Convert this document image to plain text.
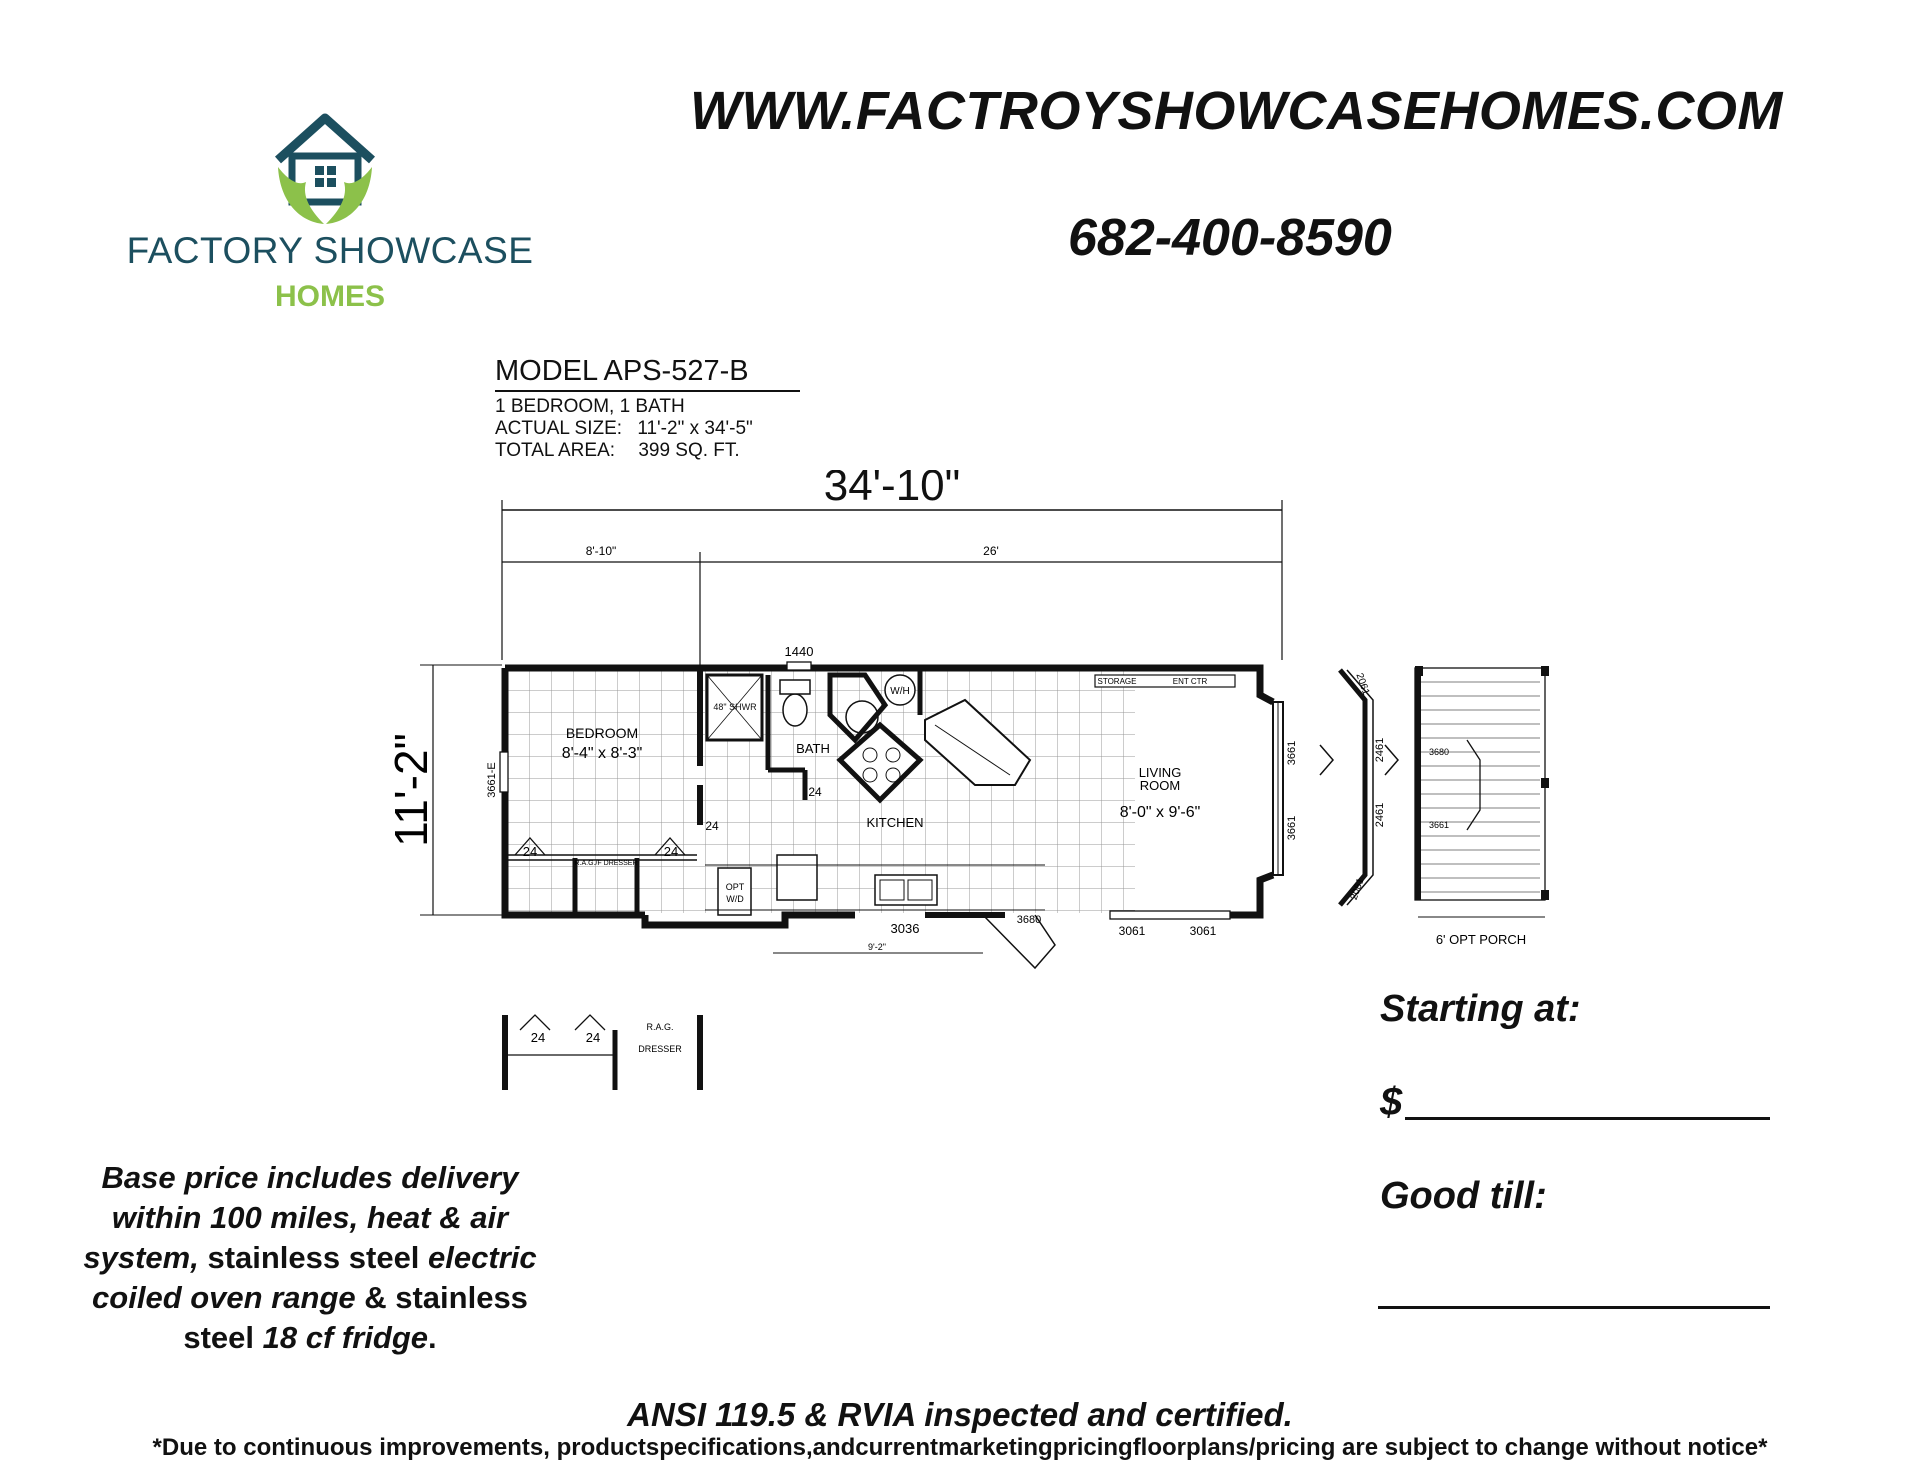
WWW.FACTROYSHOWCASEHOMES.COM
682-400-8590
FACTORY SHOWCASE
HOMES
MODEL APS-527-B
1 BEDROOM, 1 BATH
ACTUAL SIZE: 11'-2" x 34'-5"
TOTAL AREA: 399 SQ. FT.
34'-10"
8'-10"	26'
11'-2"
24	24
R.A.G./F DRESSER
BEDROOM
8'-4" x 8'-3"
3661-E
48" SHWR
BATH
24
1440
W/H
KITCHEN
24
OPT
W/D
3036
9'-2"
3680
LIVING
ROOM
8'-0" x 9'-6"
STORAGE	ENT CTR
3061	3061
3661
3661
2061
2461
2461
2061
3680
3661
6' OPT PORCH
24	24
R.A.G.
DRESSER
Starting at:
$
Good till:
Base price includes delivery
within 100 miles, heat & air
system, stainless steel electric
coiled oven range & stainless
steel 18 cf fridge.
ANSI 119.5 & RVIA inspected and certified.
*Due to continuous improvements, productspecifications,andcurrentmarketingpricingfloorplans/pricing are subject to change without notice*
